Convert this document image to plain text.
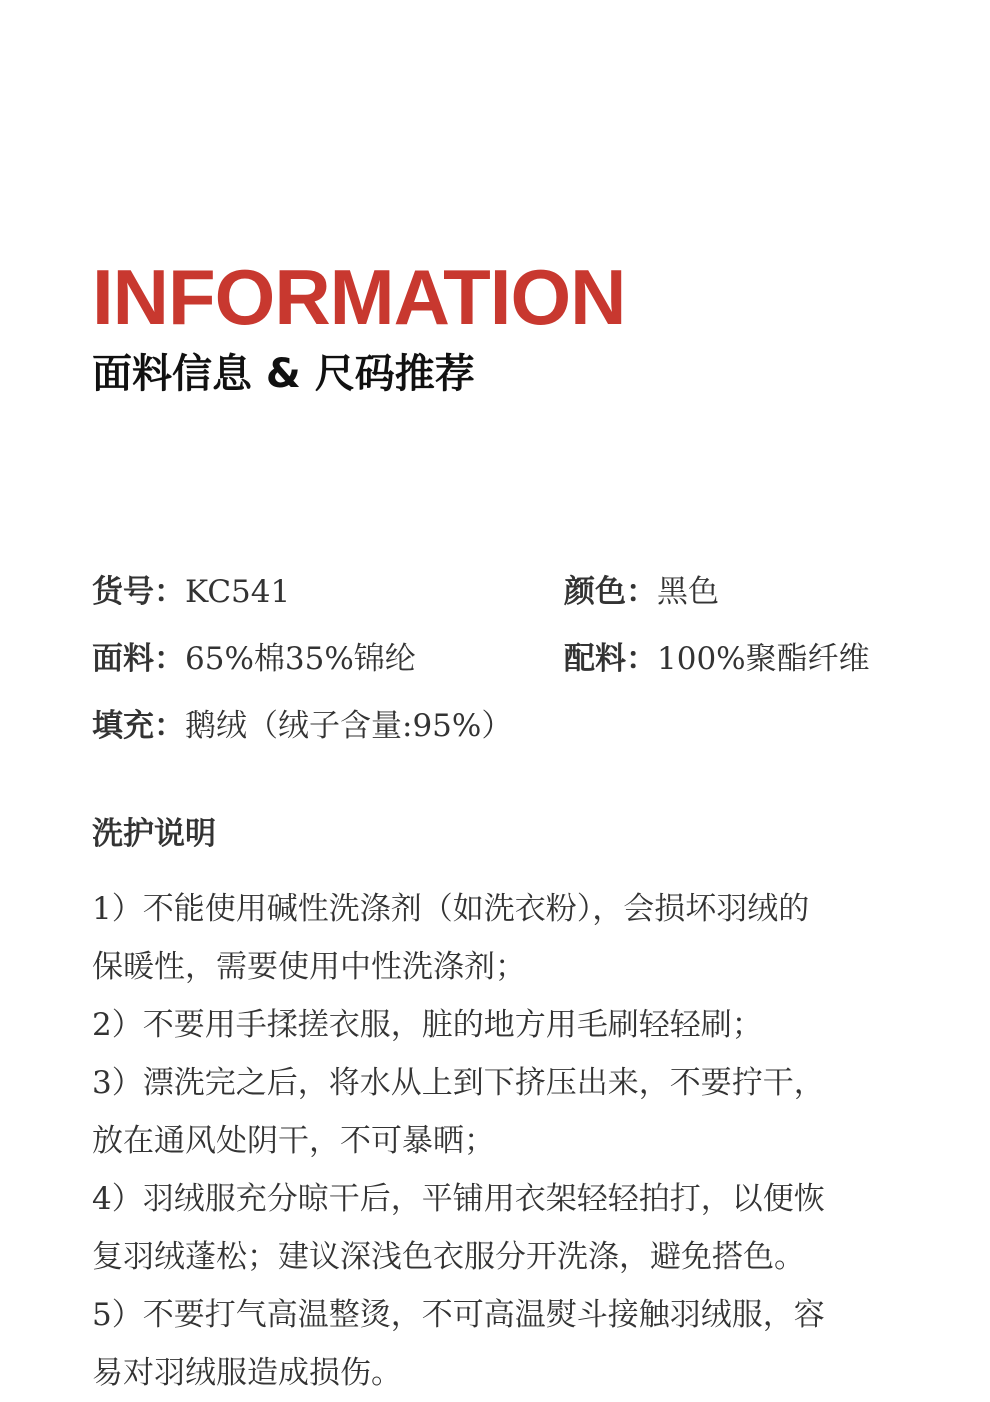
INFORMATION
面料信息 & 尺码推荐
货号：KC541	颜色：黑色
面料：65%棉35%锦纶	配料：100%聚酯纤维
填充：鹅绒（绒子含量:95%）
洗护说明
1）不能使用碱性洗涤剂（如洗衣粉），会损坏羽绒的
保暖性，需要使用中性洗涤剂；
2）不要用手揉搓衣服，脏的地方用毛刷轻轻刷；
3）漂洗完之后，将水从上到下挤压出来，不要拧干，
放在通风处阴干，不可暴晒；
4）羽绒服充分晾干后，平铺用衣架轻轻拍打，以便恢
复羽绒蓬松；建议深浅色衣服分开洗涤，避免搭色。
5）不要打气高温整烫，不可高温熨斗接触羽绒服，容
易对羽绒服造成损伤。
